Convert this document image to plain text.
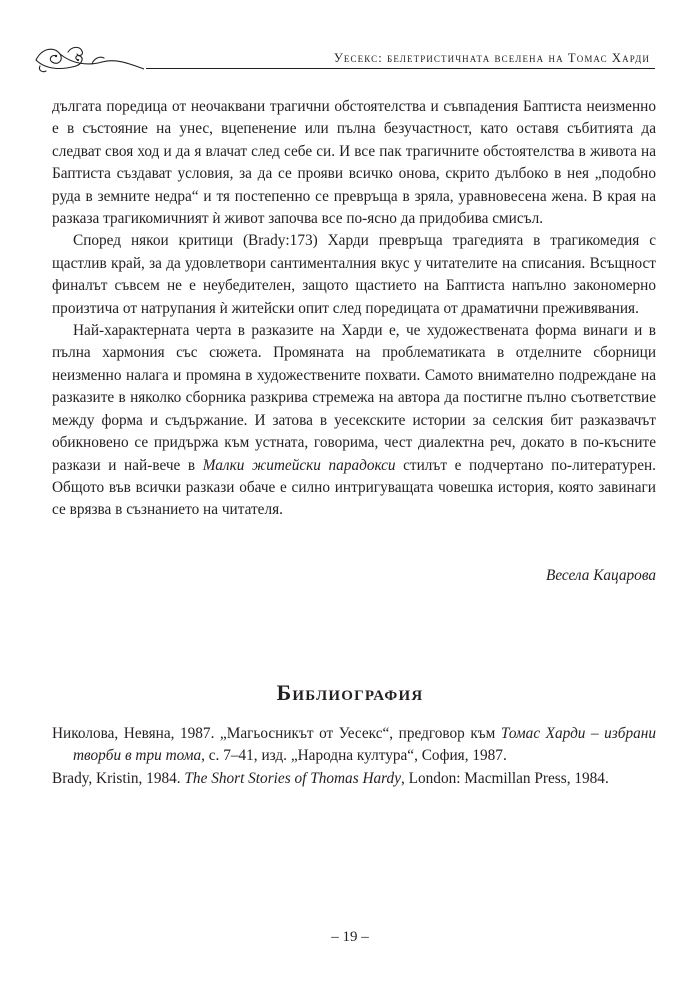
Уесекс: белетристичната вселена на Томас Харди

дългата поредица от неочаквани трагични обстоятелства и съвпадения Баптиста неизменно е в състояние на унес, вцепенение или пълна безучастност, като оставя събитията да следват своя ход и да я влачат след себе си. И все пак трагичните обстоятелства в живота на Баптиста създават условия, за да се прояви всичко онова, скрито дълбоко в нея „подобно руда в земните недра“ и тя постепенно се превръща в зряла, уравновесена жена. В края на разказа трагикомичният ѝ живот започва все по-ясно да придобива смисъл.

Според някои критици (Brady:173) Харди превръща трагедията в трагикомедия с щастлив край, за да удовлетвори сантименталния вкус у читателите на списания. Всъщност финалът съвсем не е неубедителен, защото щастието на Баптиста напълно закономерно произтича от натрупания ѝ житейски опит след поредицата от драматични преживявания.

Най-характерната черта в разказите на Харди е, че художествената форма винаги и в пълна хармония със сюжета. Промяната на проблематиката в отделните сборници неизменно налага и промяна в художествените похвати. Самото внимателно подреждане на разказите в няколко сборника разкрива стремежа на автора да постигне пълно съответствие между форма и съдържание. И затова в уесекските истории за селския бит разказвачът обикновено се придържа към устната, говорима, чест диалектна реч, докато в по-късните разкази и най-вече в Малки житейски парадокси стилът е подчертано по-литературен. Общото във всички разкази обаче е силно интригуващата човешка история, която завинаги се врязва в съзнанието на читателя.

Весела Кацарова
Библиография

Николова, Невяна, 1987. „Магьосникът от Уесекс“, предговор към Томас Харди – избрани творби в три тома, с. 7–41, изд. „Народна култура“, София, 1987.

Brady, Kristin, 1984. The Short Stories of Thomas Hardy, London: Macmillan Press, 1984.

– 19 –
